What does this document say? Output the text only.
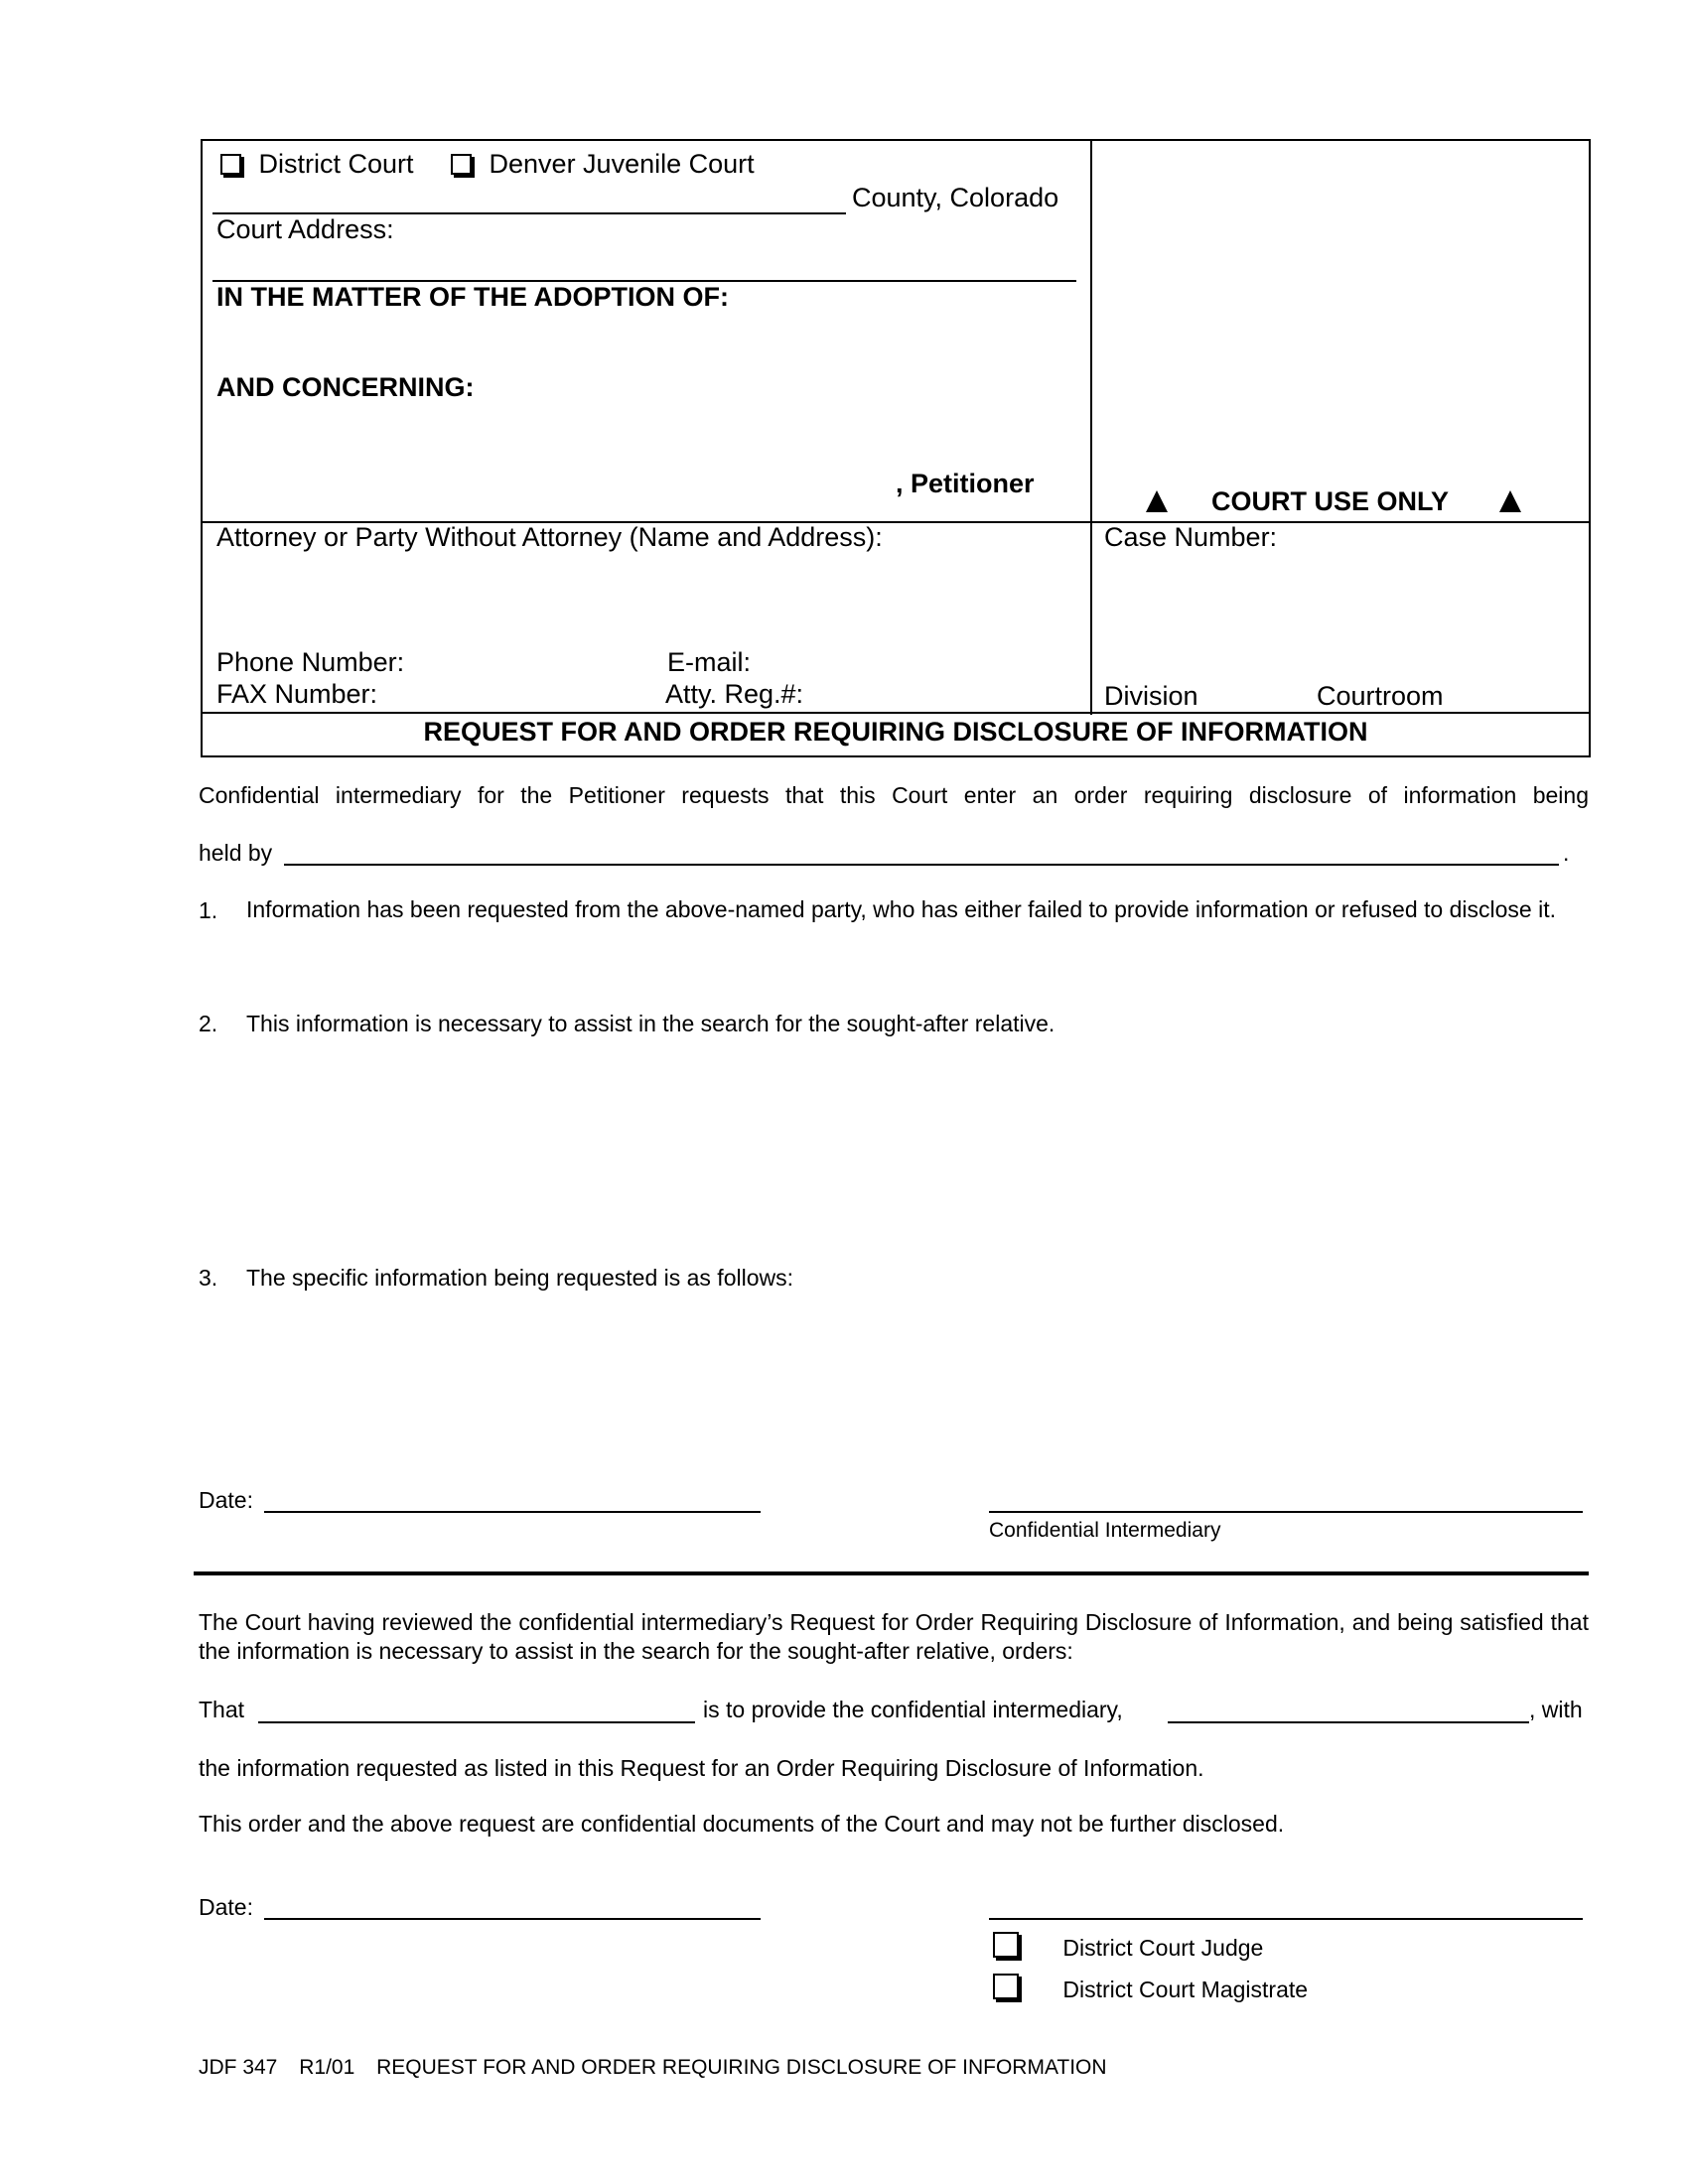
District Court	Denver Juvenile Court
County, Colorado
Court Address:
IN THE MATTER OF THE ADOPTION OF:
AND CONCERNING:
, Petitioner
COURT USE ONLY
Attorney or Party Without Attorney (Name and Address):
Phone Number:	E-mail:
FAX Number:	Atty. Reg.#:
Case Number:
Division	Courtroom
REQUEST FOR AND ORDER REQUIRING DISCLOSURE OF INFORMATION
Confidential intermediary for the Petitioner requests that this Court enter an order requiring disclosure of information being
held by	.
1. Information has been requested from the above-named party, who has either failed to provide information or refused to disclose it.
2. This information is necessary to assist in the search for the sought-after relative.
3. The specific information being requested is as follows:
Date:
Confidential Intermediary
The Court having reviewed the confidential intermediary’s Request for Order Requiring Disclosure of Information, and being satisfied that the information is necessary to assist in the search for the sought-after relative, orders:
That	is to provide the confidential intermediary,	, with
the information requested as listed in this Request for an Order Requiring Disclosure of Information.
This order and the above request are confidential documents of the Court and may not be further disclosed.
Date:
District Court Judge
District Court Magistrate
JDF 347 R1/01 REQUEST FOR AND ORDER REQUIRING DISCLOSURE OF INFORMATION
